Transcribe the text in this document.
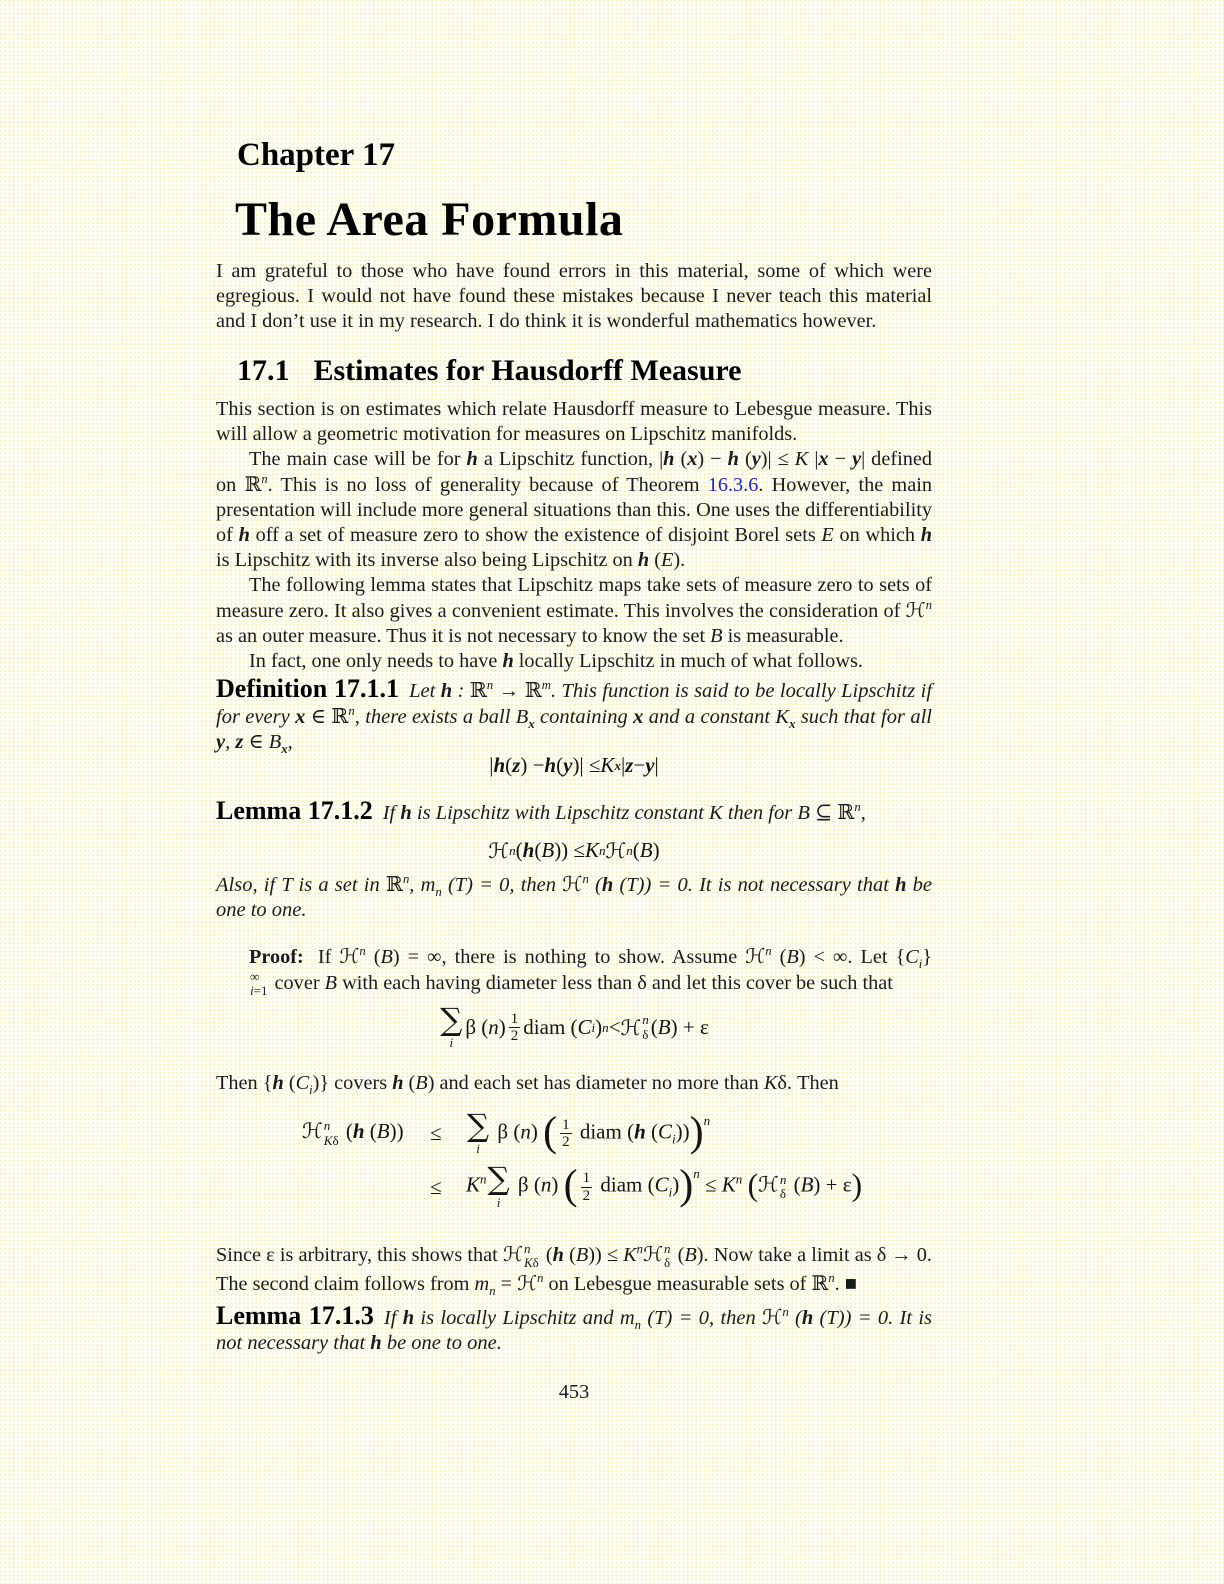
Chapter 17
The Area Formula

I am grateful to those who have found errors in this material, some of which were egregious. I would not have found these mistakes because I never teach this material and I don’t use it in my research. I do think it is wonderful mathematics however.

17.1 Estimates for Hausdorff Measure

This section is on estimates which relate Hausdorff measure to Lebesgue measure. This will allow a geometric motivation for measures on Lipschitz manifolds.

The main case will be for h a Lipschitz function, |h (x) − h (y)| ≤ K |x − y| defined on ℝ$^n$. This is no loss of generality because of Theorem 16.3.6. However, the main presentation will include more general situations than this. One uses the differentiability of h off a set of measure zero to show the existence of disjoint Borel sets E on which h is Lipschitz with its inverse also being Lipschitz on h (E).

The following lemma states that Lipschitz maps take sets of measure zero to sets of measure zero. It also gives a convenient estimate. This involves the consideration of ℋ$^n$ as an outer measure. Thus it is not necessary to know the set B is measurable.

In fact, one only needs to have h locally Lipschitz in much of what follows.

Definition 17.1.1 Let h : ℝ$^n$ → ℝ$^m$. This function is said to be locally Lipschitz if for every x ∈ ℝ$^n$, there exists a ball $B_x$ containing x and a constant $K_x$ such that for all y, z ∈ $B_x$,
| h ( z ) − h ( y )| ≤ K x | z − y |
Lemma 17.1.2 If h is Lipschitz with Lipschitz constant K then for B ⊆ ℝ$^n$,
ℋ n ( h ( B )) ≤ K n ℋ n ( B )
Also, if T is a set in ℝ$^n$, $m_n$ (T) = 0, then ℋ$^n$ (h (T)) = 0. It is not necessary that h be one to one.

Proof: If ℋ$^n$ (B) = ∞, there is nothing to show. Assume ℋ$^n$ (B) < ∞. Let $\{C_i\}$
∞
i=1 cover B with each having diameter less than δ and let this cover be such that

∑
i
β ( n ) $\frac{1}{2}$ diam ( C i ) n < ℋ n
δ ( B ) + ε

Then {h $(C_i)$} covers h (B) and each set has diameter no more than Kδ. Then

ℋ n
Kδ (h (B))	≤ ∑
i
β (n) ( $\frac{1}{2}$ diam (h $(C_i)))^n$
≤	$K^n$ ∑
i
β (n) ( $\frac{1}{2}$ diam $(C_i))^n \le K^n$ (ℋ n
δ (B) + ε)

Since ε is arbitrary, this shows that ℋ n
Kδ (h $(B)) \le K^nℋ$ n
δ (B). Now take a limit as δ → 0. The second claim follows from $m_n$ = ℋ$^n$ on Lebesgue measurable sets of ℝ$^n$. ■

Lemma 17.1.3 If h is locally Lipschitz and $m_n$ (T) = 0, then ℋ$^n$ (h (T)) = 0. It is not necessary that h be one to one.
453
